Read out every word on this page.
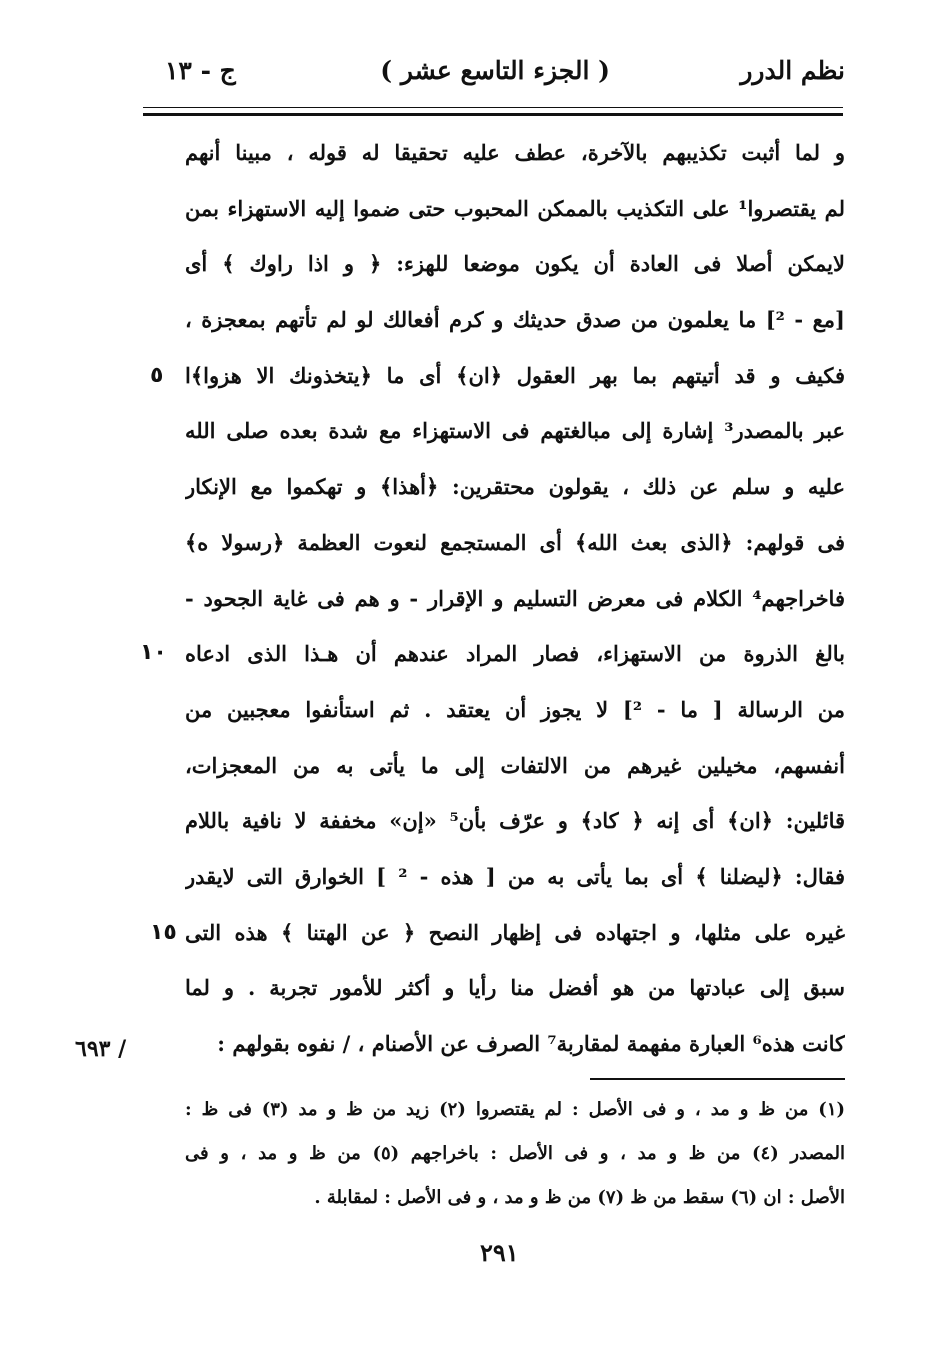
نظم الدرر
( الجزء التاسع عشر )
ج - ١٣
و لما أثبت تكذيبهم بالآخرة، عطف عليه تحقيقا له قوله ، مبينا أنهم
لم يقتصروا¹ على التكذيب بالممكن المحبوب حتى ضموا إليه الاستهزاء بمن
لايمكن أصلا فى العادة أن يكون موضعا للهزء: ﴿ و اذا راوك ﴾ أى
[مع - ²] ما يعلمون من صدق حديثك و كرم أفعالك لو لم تأتهم بمعجزة ،
فكيف و قد أتيتهم بما بهر العقول ﴿ان﴾ أى ما ﴿يتخذونك الا هزوا﴾ا
عبر بالمصدر³ إشارة إلى مبالغتهم فى الاستهزاء مع شدة بعده صلى الله
عليه و سلم عن ذلك ، يقولون محتقرين: ﴿أهذا﴾ و تهكموا مع الإنكار
فى قولهم: ﴿الذى بعث الله﴾ أى المستجمع لنعوت العظمة ﴿رسولا ه﴾
فاخراجهم⁴ الكلام فى معرض التسليم و الإقرار - و هم فى غاية الجحود -
بالغ الذروة من الاستهزاء، فصار المراد عندهم أن هـذا الذى ادعاه
من الرسالة [ ما - ²] لا يجوز أن يعتقد . ثم استأنفوا معجبين من
أنفسهم، مخيلين غيرهم من الالتفات إلى ما يأتى به من المعجزات،
قائلين: ﴿ان﴾ أى إنه ﴿ كاد﴾ و عرّف بأن⁵ «إن» مخففة لا نافية باللام
فقال: ﴿ليضلنا ﴾ أى بما يأتى به من [ هذه - ² ] الخوارق التى لايقدر
غيره على مثلها، و اجتهاده فى إظهار النصح ﴿ عن الهتنا ﴾ هذه التى
سبق إلى عبادتها من هو أفضل منا رأيا و أكثر للأمور تجربة . و لما
كانت هذه⁶ العبارة مفهمة لمقاربة⁷ الصرف عن الأصنام ، / نفوه بقولهم :
٥
١٠
١٥
/ ٦٩٣
(١) من ظ و مد ، و فى الأصل : لم يقتصروا (٢) زيد من ظ و مد (٣) فى ظ :
المصدر (٤) من ظ و مد ، و فى الأصل : باخراجهم (٥) من ظ و مد ، و فى
الأصل : ان (٦) سقط من ظ (٧) من ظ و مد ، و فى الأصل : لمقابلة .
٢٩١
